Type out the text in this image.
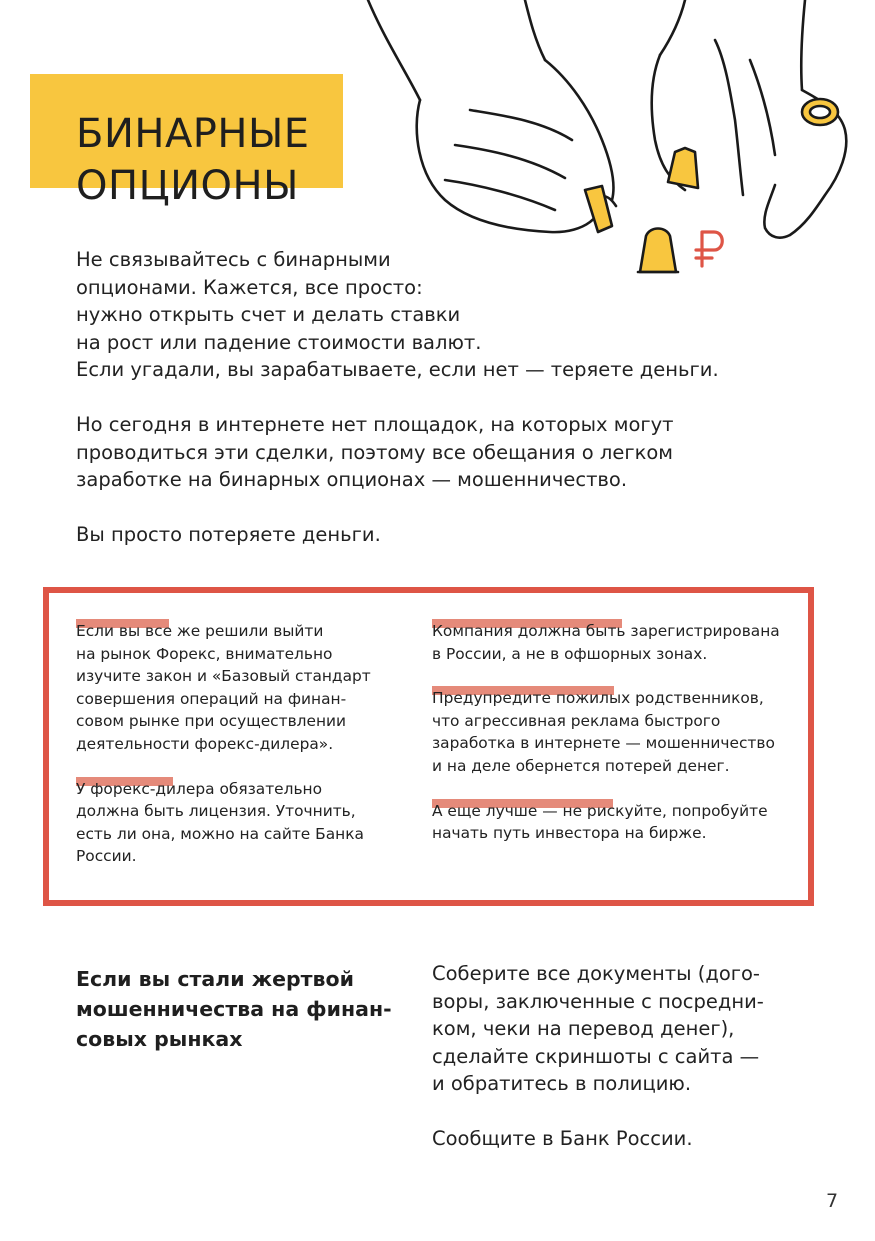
БИНАРНЫЕ
ОПЦИОНЫ

Не связывайтесь с бинарными
опционами. Кажется, все просто:
нужно открыть счет и делать ставки
на рост или падение стоимости валют.
Если угадали, вы зарабатываете, если нет — теряете деньги.

Но сегодня в интернете нет площадок, на которых могут
проводиться эти сделки, поэтому все обещания о легком
заработке на бинарных опционах — мошенничество.

Вы просто потеряете деньги.

Если вы все же решили выйти
на рынок Форекс, внимательно
изучите закон и «Базовый стандарт
совершения операций на финан-
совом рынке при осуществлении
деятельности форекс-дилера».
У форекс-дилера обязательно
должна быть лицензия. Уточнить,
есть ли она, можно на сайте Банка
России.
Компания должна быть зарегистрирована
в России, а не в офшорных зонах.
Предупредите пожилых родственников,
что агрессивная реклама быстрого
заработка в интернете — мошенничество
и на деле обернется потерей денег.
А еще лучше — не рискуйте, попробуйте
начать путь инвестора на бирже.
Если вы стали жертвой
мошенничества на финан-
совых рынках

Соберите все документы (дого-
воры, заключенные с посредни-
ком, чеки на перевод денег),
сделайте скриншоты с сайта —
и обратитесь в полицию.

Сообщите в Банк России.

7
